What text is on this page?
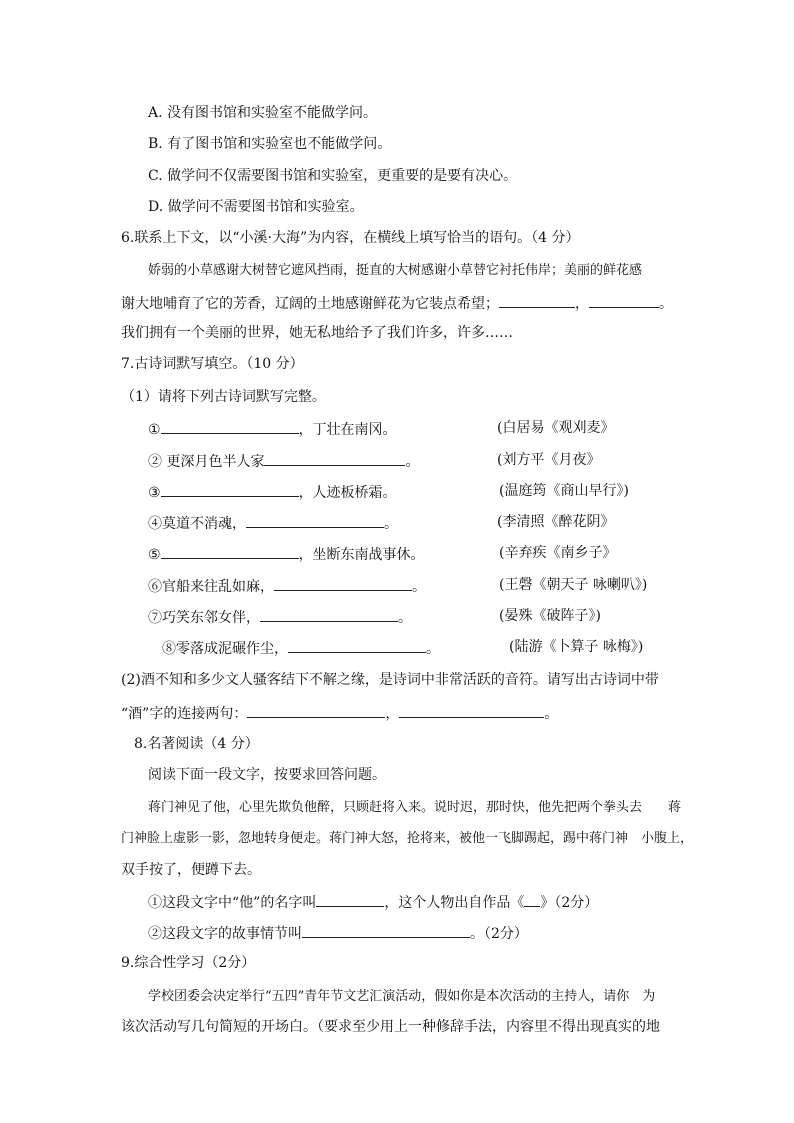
A. 没有图书馆和实验室不能做学问。
B. 有了图书馆和实验室也不能做学问。
C. 做学问不仅需要图书馆和实验室，更重要的是要有决心。
D. 做学问不需要图书馆和实验室。
6.联系上下文，以“小溪·大海”为内容，在横线上填写恰当的语句。（4 分）
娇弱的小草感谢大树替它遮风挡雨，挺直的大树感谢小草替它衬托伟岸；美丽的鲜花感
谢大地哺育了它的芳香，辽阔的土地感谢鲜花为它装点希望；	，	。
我们拥有一个美丽的世界，她无私地给予了我们许多，许多……
7.古诗词默写填空。（10 分）
（1）请将下列古诗词默写完整。
①	，丁壮在南冈。	(白居易《观刈麦》
② 更深月色半人家	。	(刘方平《月夜》
③	，人迹板桥霜。	(温庭筠《商山早行》)
④莫道不消魂，	。	(李清照《醉花阴》
⑤	，坐断东南战事休。	(辛弃疾《南乡子》
⑥官船来往乱如麻，	。	(王磬《朝天子 咏喇叭》)
⑦巧笑东邻女伴，	。	(晏殊《破阵子》)
⑧零落成泥碾作尘，	。	(陆游《卜算子 咏梅》)
(2)酒不知和多少文人骚客结下不解之缘，是诗词中非常活跃的音符。请写出古诗词中带
“酒”字的连接两句：	，	。
8.名著阅读（4 分）
阅读下面一段文字，按要求回答问题。
蒋门神见了他，心里先欺负他醉，只顾赶将入来。说时迟，那时快，他先把两个拳头去　　蒋
门神脸上虚影一影，忽地转身便走。蒋门神大怒，抢将来，被他一飞脚踢起，踢中蒋门神　小腹上，
双手按了，便蹲下去。
①这段文字中“他”的名字叫	，这个人物出自作品《 》（2分）
②这段文字的故事情节叫	。（2分）
9.综合性学习（2分）
学校团委会决定举行“五四”青年节文艺汇演活动，假如你是本次活动的主持人，请你　为
该次活动写几句简短的开场白。（要求至少用上一种修辞手法，内容里不得出现真实的地
